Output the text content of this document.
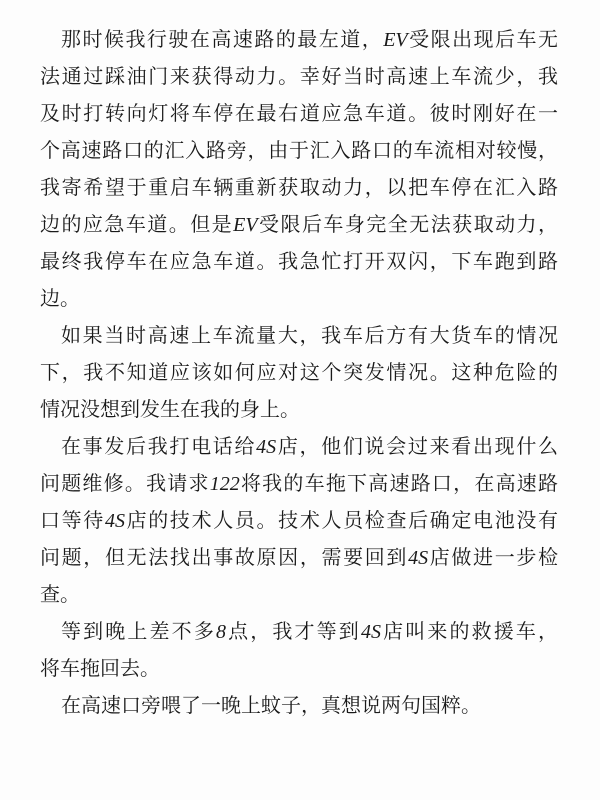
那时候我行驶在高速路的最左道，EV受限出现后车无
法通过踩油门来获得动力。幸好当时高速上车流少，我
及时打转向灯将车停在最右道应急车道。彼时刚好在一
个高速路口的汇入路旁，由于汇入路口的车流相对较慢，
我寄希望于重启车辆重新获取动力，以把车停在汇入路
边的应急车道。但是EV受限后车身完全无法获取动力，
最终我停车在应急车道。我急忙打开双闪，下车跑到路
边。
如果当时高速上车流量大，我车后方有大货车的情况
下，我不知道应该如何应对这个突发情况。这种危险的
情况没想到发生在我的身上。
在事发后我打电话给4S店，他们说会过来看出现什么
问题维修。我请求122将我的车拖下高速路口，在高速路
口等待4S店的技术人员。技术人员检查后确定电池没有
问题，但无法找出事故原因，需要回到4S店做进一步检
查。
等到晚上差不多8点，我才等到4S店叫来的救援车，
将车拖回去。
在高速口旁喂了一晚上蚊子，真想说两句国粹。
